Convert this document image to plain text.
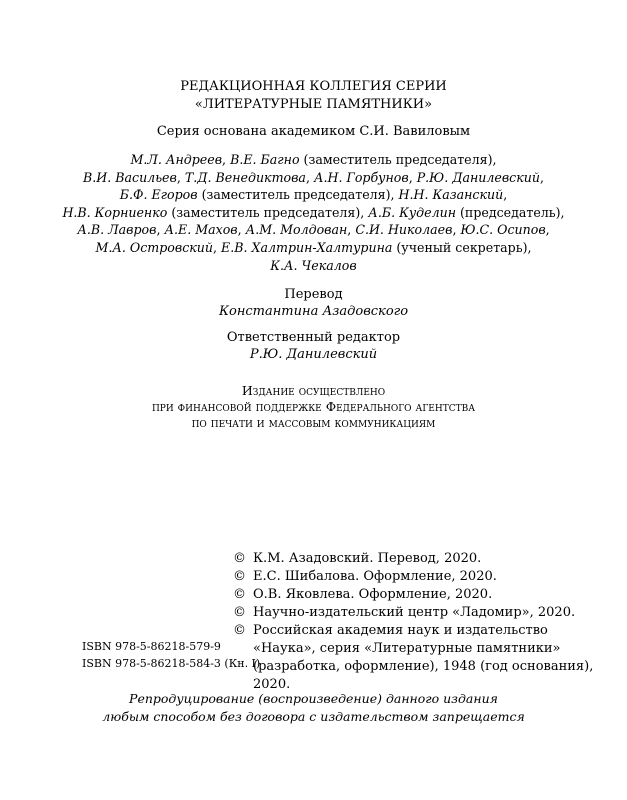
РЕДАКЦИОННАЯ КОЛЛЕГИЯ СЕРИИ
«ЛИТЕРАТУРНЫЕ ПАМЯТНИКИ»
Серия основана академиком С.И. Вавиловым
М.Л. Андреев, В.Е. Багно (заместитель председателя),
В.И. Васильев, Т.Д. Венедиктова, А.Н. Горбунов, Р.Ю. Данилевский,
Б.Ф. Егоров (заместитель председателя), Н.Н. Казанский,
Н.В. Корниенко (заместитель председателя), А.Б. Куделин (председатель),
А.В. Лавров, А.Е. Махов, А.М. Молдован, С.И. Николаев, Ю.С. Осипов,
М.А. Островский, Е.В. Халтрин-Халтурина (ученый секретарь),
К.А. Чекалов
Перевод
Константина Азадовского
Ответственный редактор
Р.Ю. Данилевский
Издание осуществлено
при финансовой поддержке Федерального агентства
по печати и массовым коммуникациям
© К.М. Азадовский. Перевод, 2020.
© Е.С. Шибалова. Оформление, 2020.
© О.В. Яковлева. Оформление, 2020.
© Научно-издательский центр «Ладомир», 2020.
© Российская академия наук и издательство «Наука», серия «Литературные памятники» (разработка, оформление), 1948 (год основания), 2020.
ISBN 978-5-86218-579-9
ISBN 978-5-86218-584-3 (Кн. I)
Репродуцирование (воспроизведение) данного издания
любым способом без договора с издательством запрещается
